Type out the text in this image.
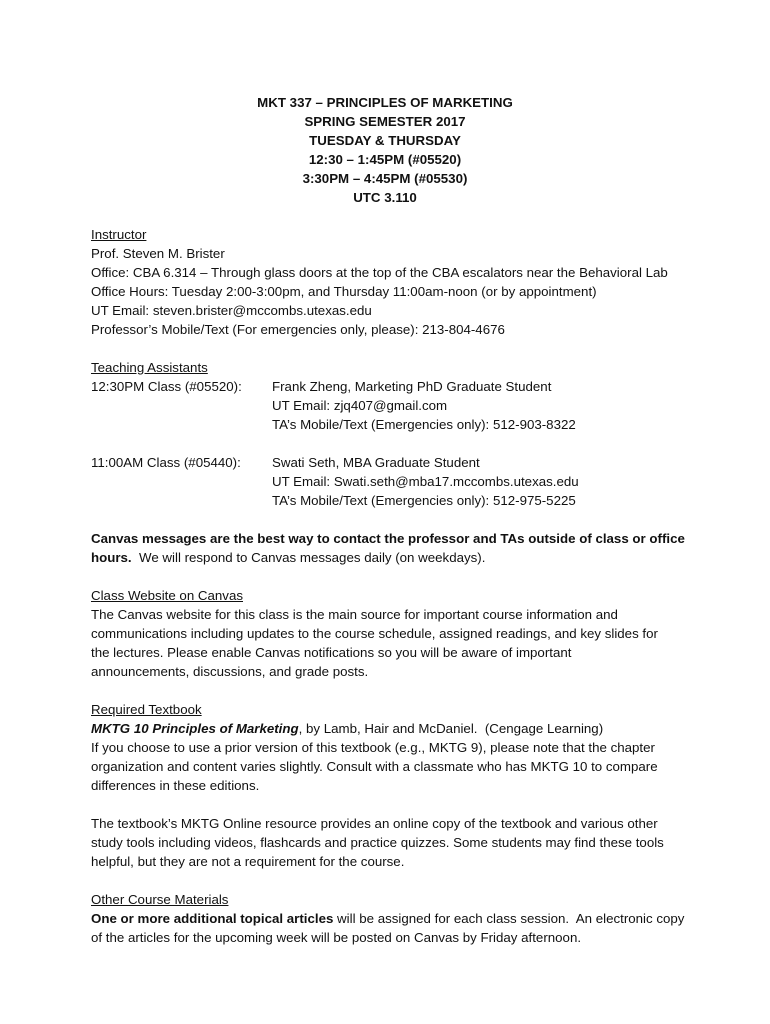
MKT 337 – PRINCIPLES OF MARKETING
SPRING SEMESTER 2017
TUESDAY & THURSDAY
12:30 – 1:45PM (#05520)
3:30PM – 4:45PM (#05530)
UTC 3.110
Instructor
Prof. Steven M. Brister
Office: CBA 6.314 – Through glass doors at the top of the CBA escalators near the Behavioral Lab
Office Hours: Tuesday 2:00-3:00pm, and Thursday 11:00am-noon (or by appointment)
UT Email: steven.brister@mccombs.utexas.edu
Professor’s Mobile/Text (For emergencies only, please): 213-804-4676
Teaching Assistants
12:30PM Class (#05520):	Frank Zheng, Marketing PhD Graduate Student
UT Email: zjq407@gmail.com
TA’s Mobile/Text (Emergencies only): 512-903-8322
11:00AM Class (#05440):	Swati Seth, MBA Graduate Student
UT Email: Swati.seth@mba17.mccombs.utexas.edu
TA’s Mobile/Text (Emergencies only): 512-975-5225
Canvas messages are the best way to contact the professor and TAs outside of class or office
hours.  We will respond to Canvas messages daily (on weekdays).
Class Website on Canvas
The Canvas website for this class is the main source for important course information and
communications including updates to the course schedule, assigned readings, and key slides for
the lectures. Please enable Canvas notifications so you will be aware of important
announcements, discussions, and grade posts.
Required Textbook
MKTG 10 Principles of Marketing, by Lamb, Hair and McDaniel.  (Cengage Learning)
If you choose to use a prior version of this textbook (e.g., MKTG 9), please note that the chapter
organization and content varies slightly. Consult with a classmate who has MKTG 10 to compare
differences in these editions.
The textbook’s MKTG Online resource provides an online copy of the textbook and various other
study tools including videos, flashcards and practice quizzes. Some students may find these tools
helpful, but they are not a requirement for the course.
Other Course Materials
One or more additional topical articles will be assigned for each class session.  An electronic copy
of the articles for the upcoming week will be posted on Canvas by Friday afternoon.
